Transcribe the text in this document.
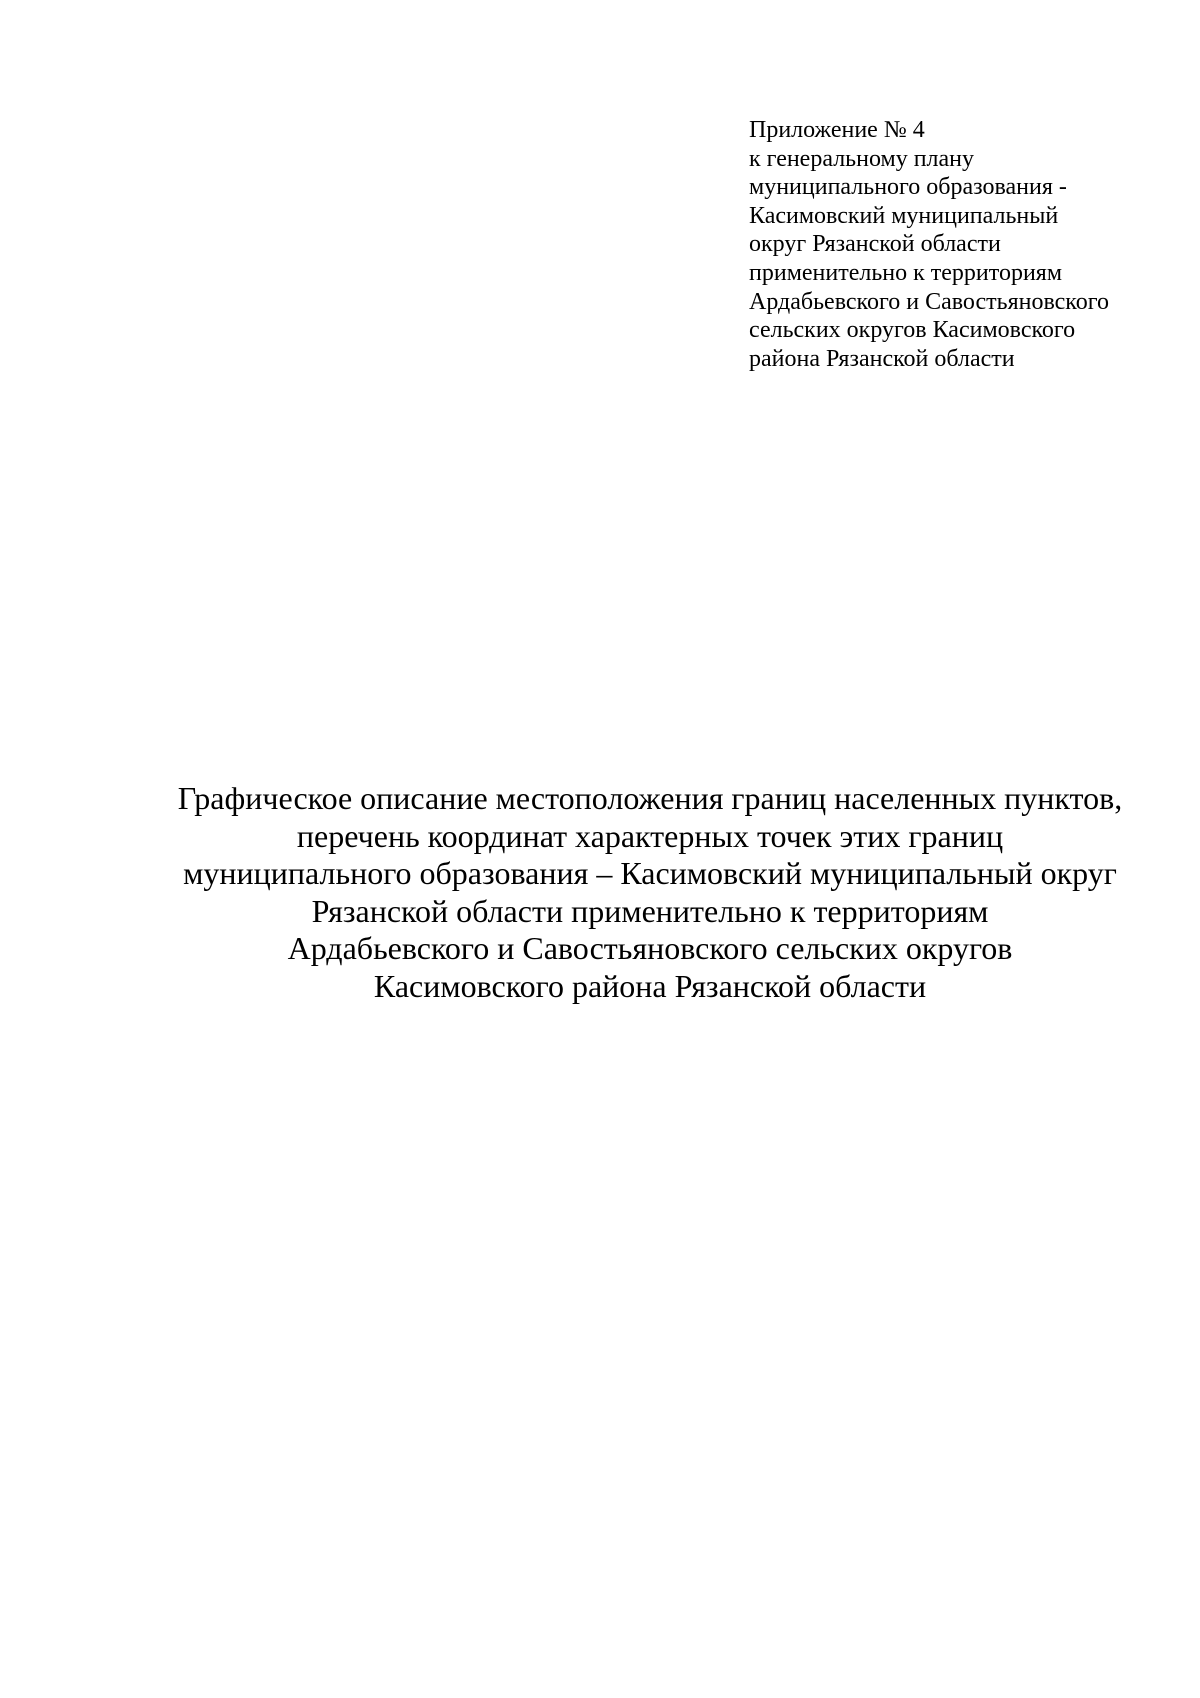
Приложение № 4
к генеральному плану
муниципального образования -
Касимовский муниципальный
округ Рязанской области
применительно к территориям
Ардабьевского и Савостьяновского
сельских округов Касимовского
района Рязанской области
Графическое описание местоположения границ населенных пунктов,
перечень координат характерных точек этих границ
муниципального образования – Касимовский муниципальный округ
Рязанской области применительно к территориям
Ардабьевского и Савостьяновского сельских округов
Касимовского района Рязанской области
